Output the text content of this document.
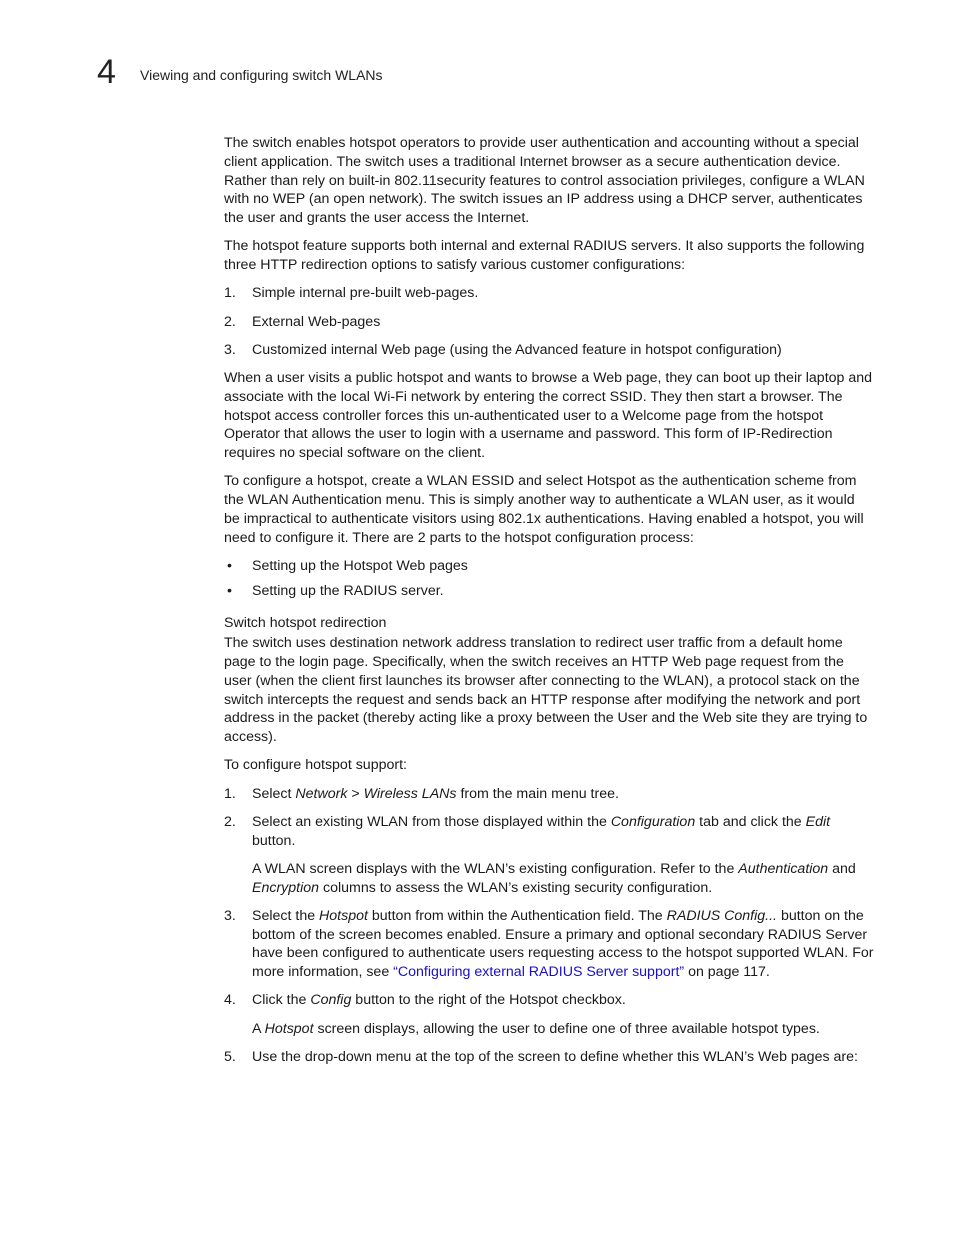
4 Viewing and configuring switch WLANs

The switch enables hotspot operators to provide user authentication and accounting without a special client application. The switch uses a traditional Internet browser as a secure authentication device. Rather than rely on built-in 802.11security features to control association privileges, configure a WLAN with no WEP (an open network). The switch issues an IP address using a DHCP server, authenticates the user and grants the user access the Internet.

The hotspot feature supports both internal and external RADIUS servers. It also supports the following three HTTP redirection options to satisfy various customer configurations:

1. Simple internal pre-built web-pages.
2. External Web-pages
3. Customized internal Web page (using the Advanced feature in hotspot configuration)

When a user visits a public hotspot and wants to browse a Web page, they can boot up their laptop and associate with the local Wi-Fi network by entering the correct SSID. They then start a browser. The hotspot access controller forces this un-authenticated user to a Welcome page from the hotspot Operator that allows the user to login with a username and password. This form of IP-Redirection requires no special software on the client.

To configure a hotspot, create a WLAN ESSID and select Hotspot as the authentication scheme from the WLAN Authentication menu. This is simply another way to authenticate a WLAN user, as it would be impractical to authenticate visitors using 802.1x authentications. Having enabled a hotspot, you will need to configure it. There are 2 parts to the hotspot configuration process:

• Setting up the Hotspot Web pages
• Setting up the RADIUS server.
Switch hotspot redirection

The switch uses destination network address translation to redirect user traffic from a default home page to the login page. Specifically, when the switch receives an HTTP Web page request from the user (when the client first launches its browser after connecting to the WLAN), a protocol stack on the switch intercepts the request and sends back an HTTP response after modifying the network and port address in the packet (thereby acting like a proxy between the User and the Web site they are trying to access).

To configure hotspot support:

1. Select Network > Wireless LANs from the main menu tree.
2. Select an existing WLAN from those displayed within the Configuration tab and click the Edit button.

A WLAN screen displays with the WLAN’s existing configuration. Refer to the Authentication and Encryption columns to assess the WLAN’s existing security configuration.

3. Select the Hotspot button from within the Authentication field. The RADIUS Config... button on the bottom of the screen becomes enabled. Ensure a primary and optional secondary RADIUS Server have been configured to authenticate users requesting access to the hotspot supported WLAN. For more information, see “Configuring external RADIUS Server support” on page 117.
4. Click the Config button to the right of the Hotspot checkbox.

A Hotspot screen displays, allowing the user to define one of three available hotspot types.

5. Use the drop-down menu at the top of the screen to define whether this WLAN’s Web pages are:
